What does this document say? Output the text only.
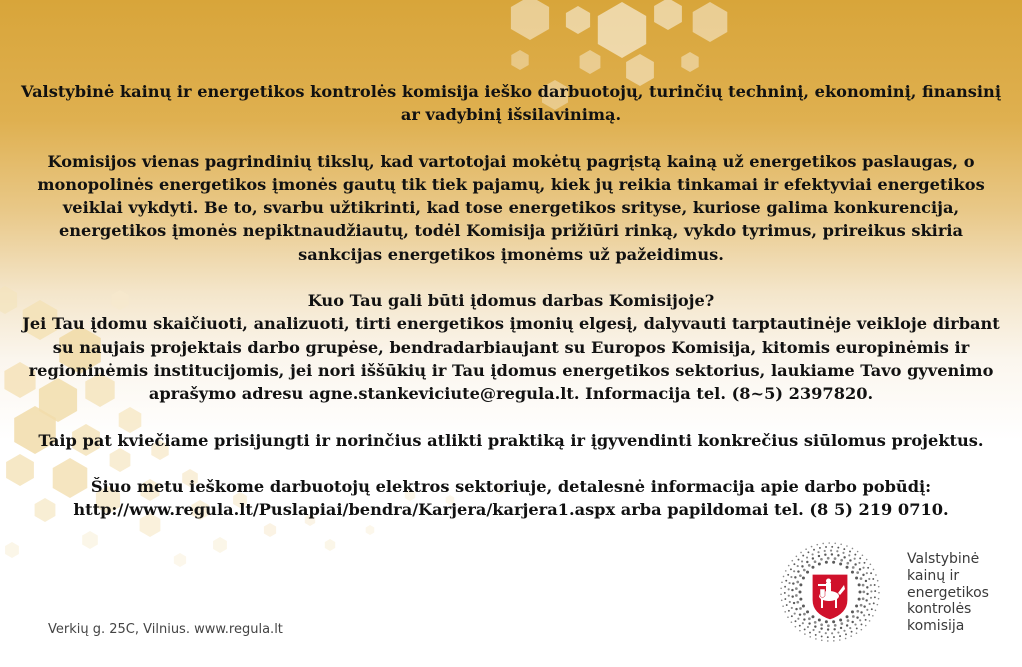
Valstybinė kainų ir energetikos kontrolės komisija ieško darbuotojų, turinčių techninį, ekonominį, finansinį ar vadybinį išsilavinimą.

Komisijos vienas pagrindinių tikslų, kad vartotojai mokėtų pagrįstą kainą už energetikos paslaugas, o monopolinės energetikos įmonės gautų tik tiek pajamų, kiek jų reikia tinkamai ir efektyviai energetikos veiklai vykdyti. Be to, svarbu užtikrinti, kad tose energetikos srityse, kuriose galima konkurencija, energetikos įmonės nepiktnaudžiautų, todėl Komisija prižiūri rinką, vykdo tyrimus, prireikus skiria sankcijas energetikos įmonėms už pažeidimus.

Kuo Tau gali būti įdomus darbas Komisijoje?

Jei Tau įdomu skaičiuoti, analizuoti, tirti energetikos įmonių elgesį, dalyvauti tarptautinėje veikloje dirbant su naujais projektais darbo grupėse, bendradarbiaujant su Europos Komisija, kitomis europinėmis ir regioninėmis institucijomis, jei nori iššūkių ir Tau įdomus energetikos sektorius, laukiame Tavo gyvenimo aprašymo adresu agne.stankeviciute@regula.lt. Informacija tel. (8~5) 2397820.

Taip pat kviečiame prisijungti ir norinčius atlikti praktiką ir įgyvendinti konkrečius siūlomus projektus.

Šiuo metu ieškome darbuotojų elektros sektoriuje, detalesnė informacija apie darbo pobūdį: http://www.regula.lt/Puslapiai/bendra/Karjera/karjera1.aspx arba papildomai tel. (8 5) 219 0710.

Verkių g. 25C, Vilnius. www.regula.lt
Valstybinė
kainų ir
energetikos
kontrolės
komisija
